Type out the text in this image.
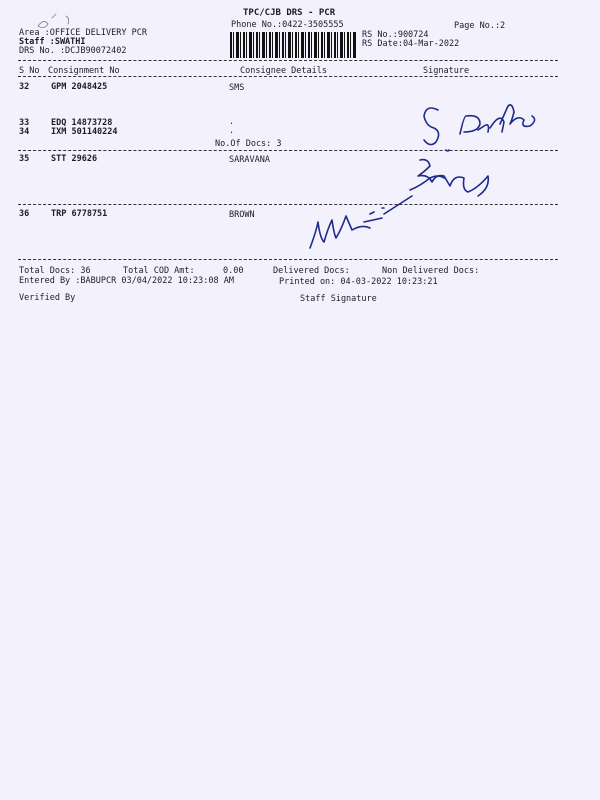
TPC/CJB DRS - PCR
Phone No.:0422-3505555	Page No.:2
Area :OFFICE DELIVERY PCR
Staff :SWATHI
DRS No. :DCJB90072402
RS No.:900724
RS Date:04-Mar-2022
S No Consignment No	Consignee Details	Signature
32	GPM 2048425	SMS
33	EDQ 14873728	.
34	IXM 501140224	.
No.Of Docs: 3
35	STT 29626	SARAVANA
36	TRP 6778751	BROWN
Total Docs: 36	Total COD Amt:	0.00	Delivered Docs:	Non Delivered Docs:
Entered By :BABUPCR 03/04/2022 10:23:08 AM	Printed on: 04-03-2022 10:23:21
Verified By	Staff Signature
